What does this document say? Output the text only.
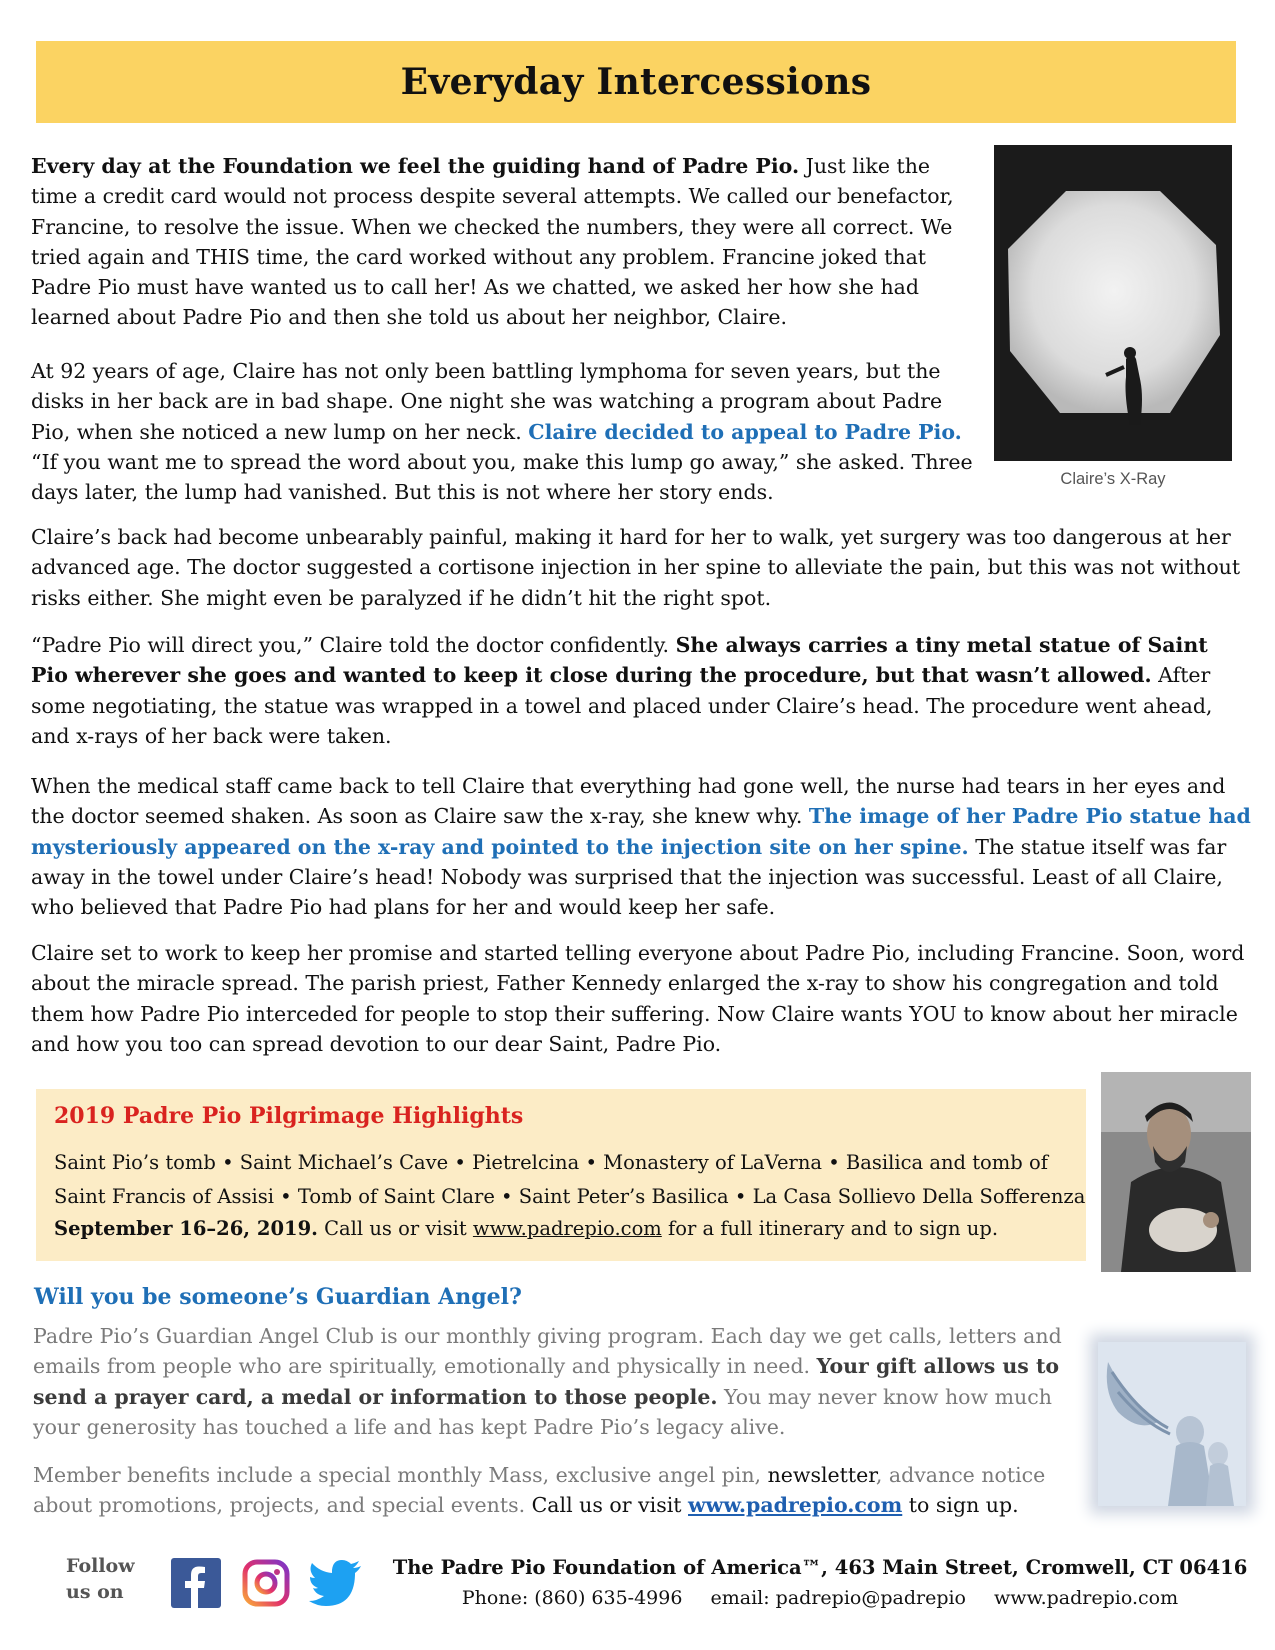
Everyday Intercessions

Every day at the Foundation we feel the guiding hand of Padre Pio. Just like the time a credit card would not process despite several attempts. We called our benefactor, Francine, to resolve the issue. When we checked the numbers, they were all correct. We tried again and THIS time, the card worked without any problem. Francine joked that Padre Pio must have wanted us to call her! As we chatted, we asked her how she had learned about Padre Pio and then she told us about her neighbor, Claire.

At 92 years of age, Claire has not only been battling lymphoma for seven years, but the disks in her back are in bad shape. One night she was watching a program about Padre Pio, when she noticed a new lump on her neck. Claire decided to appeal to Padre Pio. “If you want me to spread the word about you, make this lump go away,” she asked. Three days later, the lump had vanished. But this is not where her story ends.

Claire’s back had become unbearably painful, making it hard for her to walk, yet surgery was too dangerous at her advanced age. The doctor suggested a cortisone injection in her spine to alleviate the pain, but this was not without risks either. She might even be paralyzed if he didn’t hit the right spot.

“Padre Pio will direct you,” Claire told the doctor confidently. She always carries a tiny metal statue of Saint Pio wherever she goes and wanted to keep it close during the procedure, but that wasn’t allowed. After some negotiating, the statue was wrapped in a towel and placed under Claire’s head. The procedure went ahead, and x-rays of her back were taken.

When the medical staff came back to tell Claire that everything had gone well, the nurse had tears in her eyes and the doctor seemed shaken. As soon as Claire saw the x-ray, she knew why. The image of her Padre Pio statue had mysteriously appeared on the x-ray and pointed to the injection site on her spine. The statue itself was far away in the towel under Claire’s head! Nobody was surprised that the injection was successful. Least of all Claire, who believed that Padre Pio had plans for her and would keep her safe.

Claire set to work to keep her promise and started telling everyone about Padre Pio, including Francine. Soon, word about the miracle spread. The parish priest, Father Kennedy enlarged the x-ray to show his congregation and told them how Padre Pio interceded for people to stop their suffering. Now Claire wants YOU to know about her miracle and how you too can spread devotion to our dear Saint, Padre Pio.

Claire’s X-Ray
2019 Padre Pio Pilgrimage Highlights

Saint Pio’s tomb • Saint Michael’s Cave • Pietrelcina • Monastery of LaVerna • Basilica and tomb of

Saint Francis of Assisi • Tomb of Saint Clare • Saint Peter’s Basilica • La Casa Sollievo Della Sofferenza

September 16–26, 2019. Call us or visit www.padrepio.com for a full itinerary and to sign up.

Will you be someone’s Guardian Angel?

Padre Pio’s Guardian Angel Club is our monthly giving program. Each day we get calls, letters and emails from people who are spiritually, emotionally and physically in need. Your gift allows us to send a prayer card, a medal or information to those people. You may never know how much your generosity has touched a life and has kept Padre Pio’s legacy alive.

Member benefits include a special monthly Mass, exclusive angel pin, newsletter, advance notice about promotions, projects, and special events. Call us or visit www.padrepio.com to sign up.

Follow
us on
The Padre Pio Foundation of America™, 463 Main Street, Cromwell, CT 06416
Phone: (860) 635-4996 email: padrepio@padrepio www.padrepio.com
